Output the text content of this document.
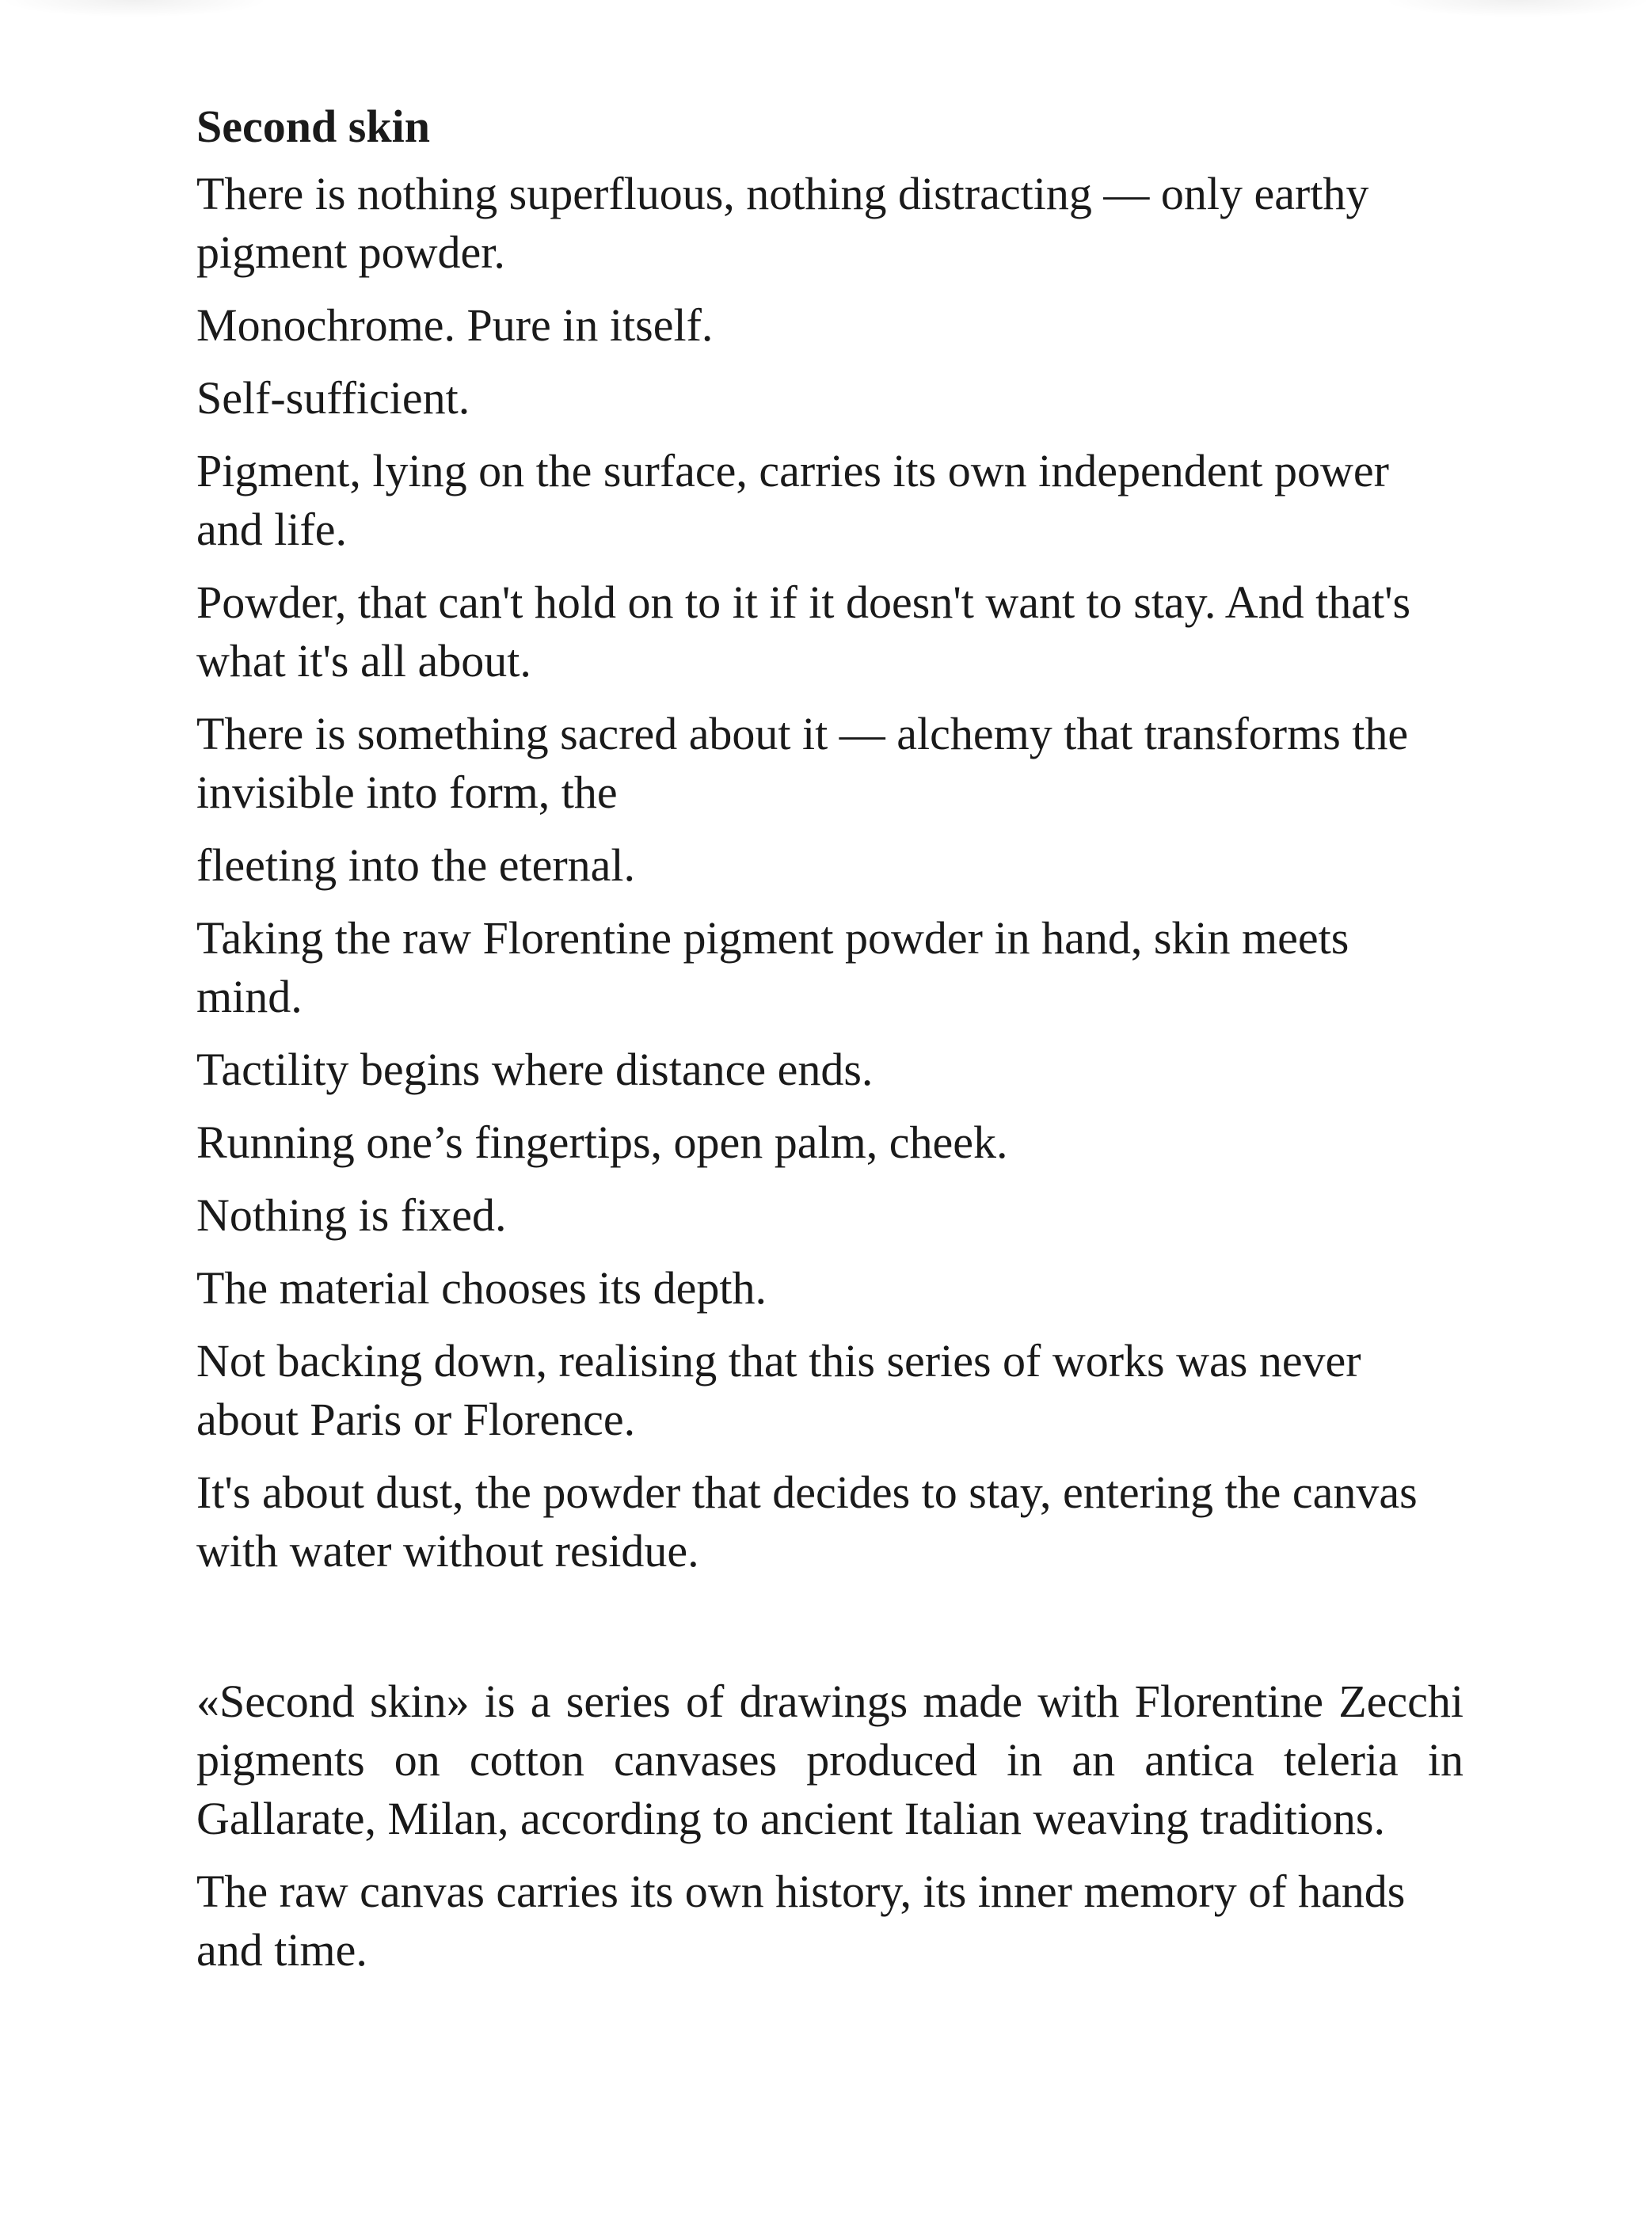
Second skin
There is nothing superfluous, nothing distracting — only earthy pigment powder.
Monochrome. Pure in itself.
Self-sufficient.
Pigment, lying on the surface, carries its own independent power and life.
Powder, that can't hold on to it if it doesn't want to stay. And that's what it's all about.
There is something sacred about it — alchemy that transforms the invisible into form, the
fleeting into the eternal.
Taking the raw Florentine pigment powder in hand, skin meets mind.
Tactility begins where distance ends.
Running one’s fingertips, open palm, cheek.
Nothing is fixed.
The material chooses its depth.
Not backing down, realising that this series of works was never about Paris or Florence.
It's about dust, the powder that decides to stay, entering the canvas with water without residue.
«Second skin» is a series of drawings made with Florentine Zecchi pigments on cotton canvases produced in an antica teleria in Gallarate, Milan, according to ancient Italian weaving traditions.
The raw canvas carries its own history, its inner memory of hands and time.
